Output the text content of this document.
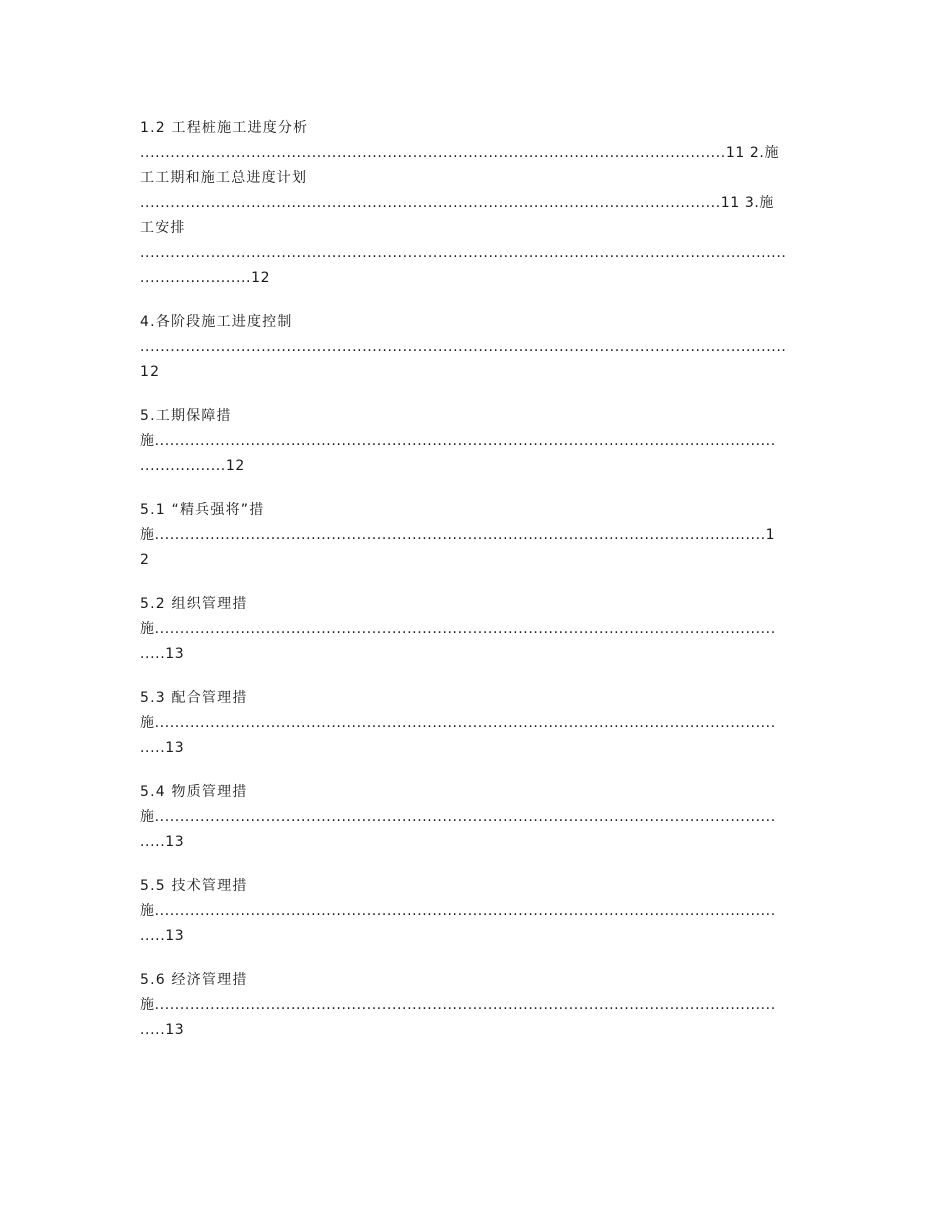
1.2 工程桩施工进度分析
....................................................................................................................11 2.施
工工期和施工总进度计划
...................................................................................................................11 3.施
工安排
................................................................................................................................
......................12
4.各阶段施工进度控制
................................................................................................................................
12
5.工期保障措
施...........................................................................................................................
.................12
5.1 “精兵强将”措
施.........................................................................................................................1
2
5.2 组织管理措
施...........................................................................................................................
.....13
5.3 配合管理措
施...........................................................................................................................
.....13
5.4 物质管理措
施...........................................................................................................................
.....13
5.5 技术管理措
施...........................................................................................................................
.....13
5.6 经济管理措
施...........................................................................................................................
.....13
